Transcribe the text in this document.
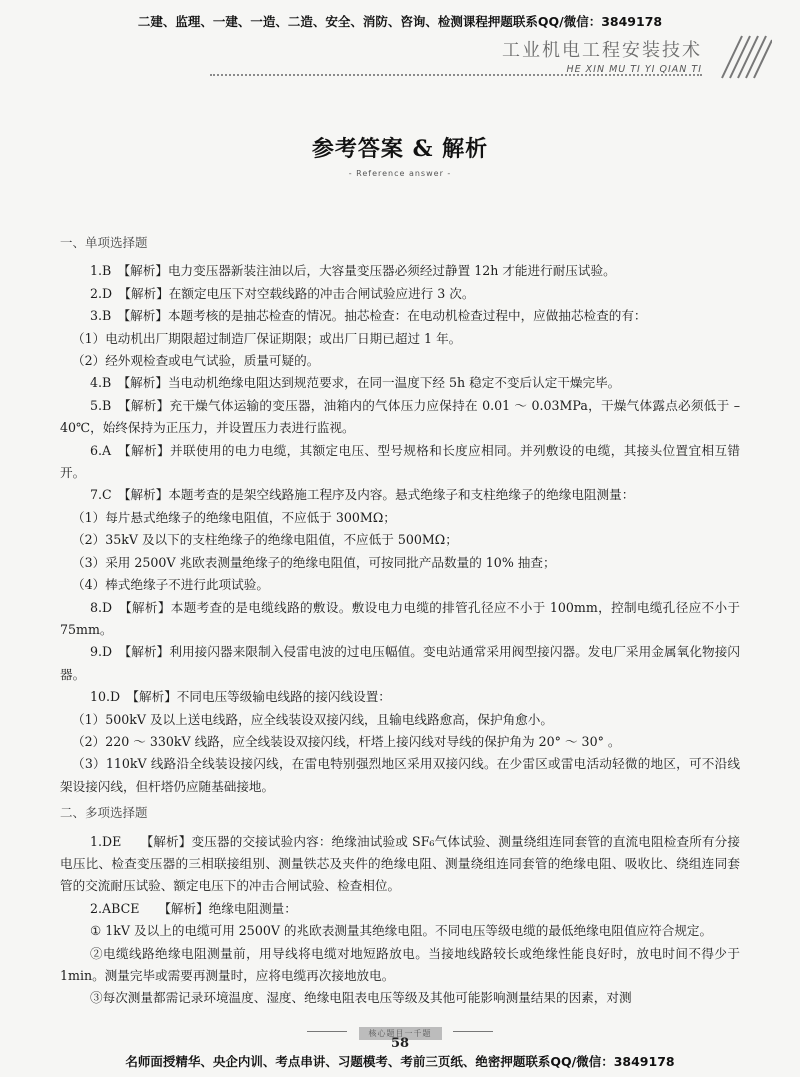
二建、监理、一建、一造、二造、安全、消防、咨询、检测课程押题联系QQ/微信：3849178
工业机电工程安装技术
HE XIN MU TI YI QIAN TI
参考答案 & 解析
- Reference answer -
一、单项选择题

1.B　【解析】电力变压器新装注油以后，大容量变压器必须经过静置 12h 才能进行耐压试验。

2.D　【解析】在额定电压下对空载线路的冲击合闸试验应进行 3 次。

3.B　【解析】本题考核的是抽芯检查的情况。抽芯检查：在电动机检查过程中，应做抽芯检查的有：

（1）电动机出厂期限超过制造厂保证期限；或出厂日期已超过 1 年。

（2）经外观检查或电气试验，质量可疑的。

4.B　【解析】当电动机绝缘电阻达到规范要求，在同一温度下经 5h 稳定不变后认定干燥完毕。

5.B　【解析】充干燥气体运输的变压器，油箱内的气体压力应保持在 0.01 ～ 0.03MPa，干燥气体露点必须低于 – 40℃，始终保持为正压力，并设置压力表进行监视。

6.A　【解析】并联使用的电力电缆，其额定电压、型号规格和长度应相同。并列敷设的电缆，其接头位置宜相互错开。

7.C　【解析】本题考查的是架空线路施工程序及内容。悬式绝缘子和支柱绝缘子的绝缘电阻测量：

（1）每片悬式绝缘子的绝缘电阻值，不应低于 300MΩ；

（2）35kV 及以下的支柱绝缘子的绝缘电阻值，不应低于 500MΩ；

（3）采用 2500V 兆欧表测量绝缘子的绝缘电阻值，可按同批产品数量的 10% 抽查；

（4）棒式绝缘子不进行此项试验。

8.D　【解析】本题考查的是电缆线路的敷设。敷设电力电缆的排管孔径应不小于 100mm，控制电缆孔径应不小于 75mm。

9.D　【解析】利用接闪器来限制入侵雷电波的过电压幅值。变电站通常采用阀型接闪器。发电厂采用金属氧化物接闪器。

10.D　【解析】不同电压等级输电线路的接闪线设置：

（1）500kV 及以上送电线路，应全线装设双接闪线，且输电线路愈高，保护角愈小。

（2）220 ～ 330kV 线路，应全线装设双接闪线，杆塔上接闪线对导线的保护角为 20° ～ 30° 。

（3）110kV 线路沿全线装设接闪线，在雷电特别强烈地区采用双接闪线。在少雷区或雷电活动轻微的地区，可不沿线架设接闪线，但杆塔仍应随基础接地。

二、多项选择题

1.DE　　【解析】变压器的交接试验内容：绝缘油试验或 SF₆气体试验、测量绕组连同套管的直流电阻检查所有分接电压比、检查变压器的三相联接组别、测量铁芯及夹件的绝缘电阻、测量绕组连同套管的绝缘电阻、吸收比、绕组连同套管的交流耐压试验、额定电压下的冲击合闸试验、检查相位。

2.ABCE　　【解析】绝缘电阻测量：

① 1kV 及以上的电缆可用 2500V 的兆欧表测量其绝缘电阻。不同电压等级电缆的最低绝缘电阻值应符合规定。

②电缆线路绝缘电阻测量前，用导线将电缆对地短路放电。当接地线路较长或绝缘性能良好时，放电时间不得少于 1min。测量完毕或需要再测量时，应将电缆再次接地放电。

③每次测量都需记录环境温度、湿度、绝缘电阻表电压等级及其他可能影响测量结果的因素，对测

核心题目一千题
58
名师面授精华、央企内训、考点串讲、习题模考、考前三页纸、绝密押题联系QQ/微信：3849178
